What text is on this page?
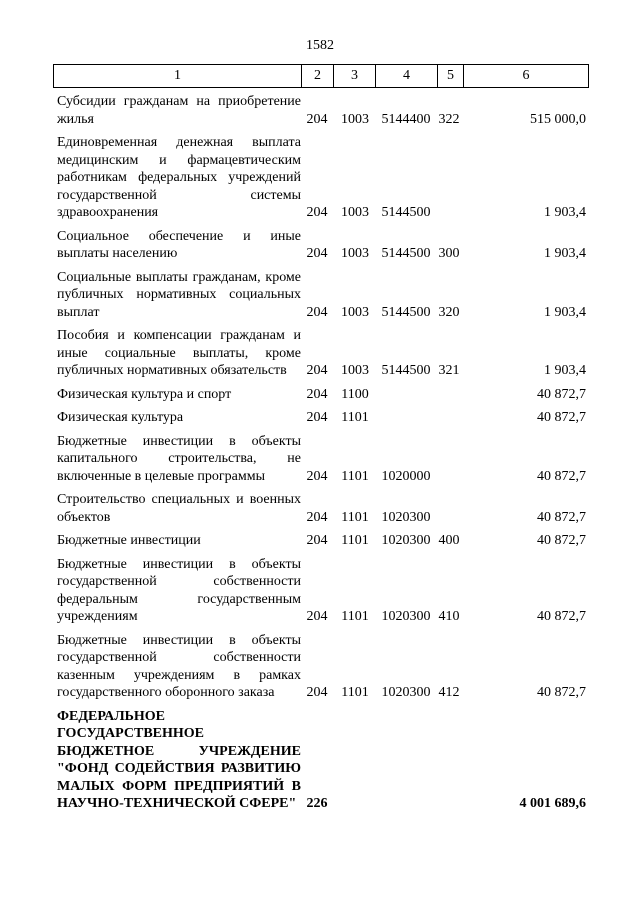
1582
1	2	3	4	5	6
Субсидии гражданам на приобретение жилья	204 1003 5144400 322	515 000,0
Единовременная денежная выплата медицинским и фармацевтическим работникам федеральных учреждений государственной системы здравоохранения	204 1003 5144500	1 903,4
Социальное обеспечение и иные выплаты населению	204 1003 5144500 300	1 903,4
Социальные выплаты гражданам, кроме публичных нормативных социальных выплат	204 1003 5144500 320	1 903,4
Пособия и компенсации гражданам и иные социальные выплаты, кроме публичных нормативных обязательств	204 1003 5144500 321	1 903,4
Физическая культура и спорт	204 1100	40 872,7
Физическая культура	204 1101	40 872,7
Бюджетные инвестиции в объекты капитального строительства, не включенные в целевые программы	204 1101 1020000	40 872,7
Строительство специальных и военных объектов	204 1101 1020300	40 872,7
Бюджетные инвестиции	204 1101 1020300 400	40 872,7
Бюджетные инвестиции в объекты государственной собственности федеральным государственным учреждениям	204 1101 1020300 410	40 872,7
Бюджетные инвестиции в объекты государственной собственности казенным учреждениям в рамках государственного оборонного заказа	204 1101 1020300 412	40 872,7
ФЕДЕРАЛЬНОЕ ГОСУДАРСТВЕННОЕ БЮДЖЕТНОЕ УЧРЕЖДЕНИЕ "ФОНД СОДЕЙСТВИЯ РАЗВИТИЮ МАЛЫХ ФОРМ ПРЕДПРИЯТИЙ В НАУЧНО-ТЕХНИЧЕСКОЙ СФЕРЕ" 226	4 001 689,6
